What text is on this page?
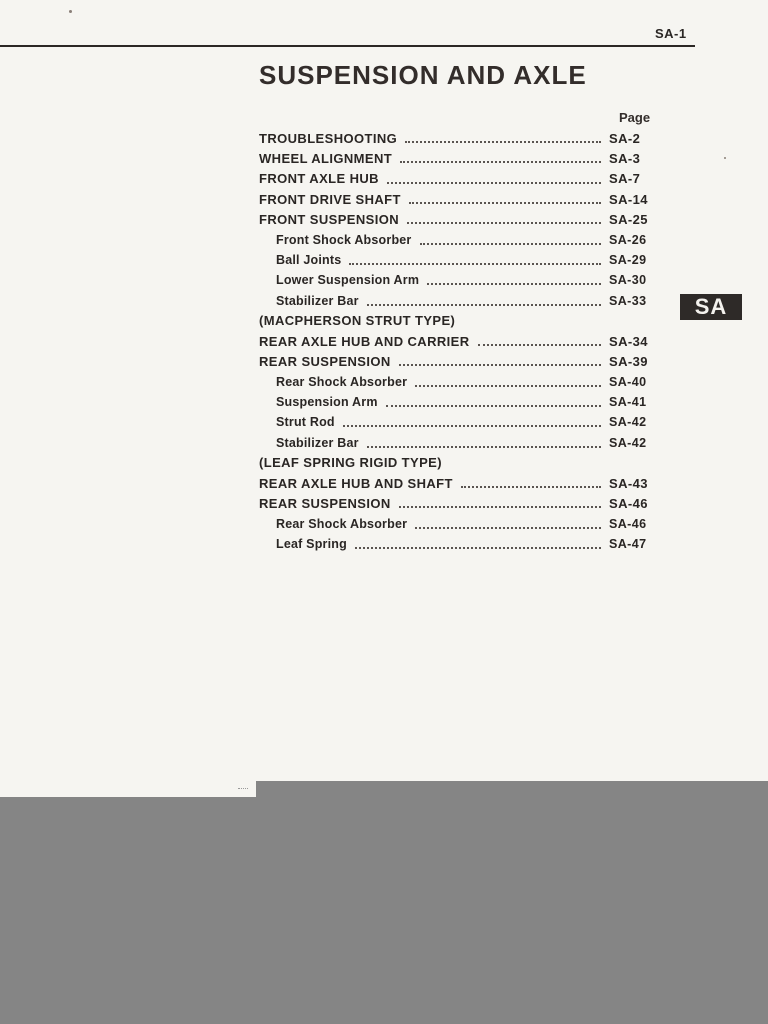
SA-1
SUSPENSION AND AXLE
Page
TROUBLESHOOTING	SA-2
WHEEL ALIGNMENT	SA-3
FRONT AXLE HUB	SA-7
FRONT DRIVE SHAFT	SA-14
FRONT SUSPENSION	SA-25
Front Shock Absorber	SA-26
Ball Joints	SA-29
Lower Suspension Arm	SA-30
Stabilizer Bar	SA-33
(MACPHERSON STRUT TYPE)
REAR AXLE HUB AND CARRIER	SA-34
REAR SUSPENSION	SA-39
Rear Shock Absorber	SA-40
Suspension Arm	SA-41
Strut Rod	SA-42
Stabilizer Bar	SA-42
(LEAF SPRING RIGID TYPE)
REAR AXLE HUB AND SHAFT	SA-43
REAR SUSPENSION	SA-46
Rear Shock Absorber	SA-46
Leaf Spring	SA-47
SA
